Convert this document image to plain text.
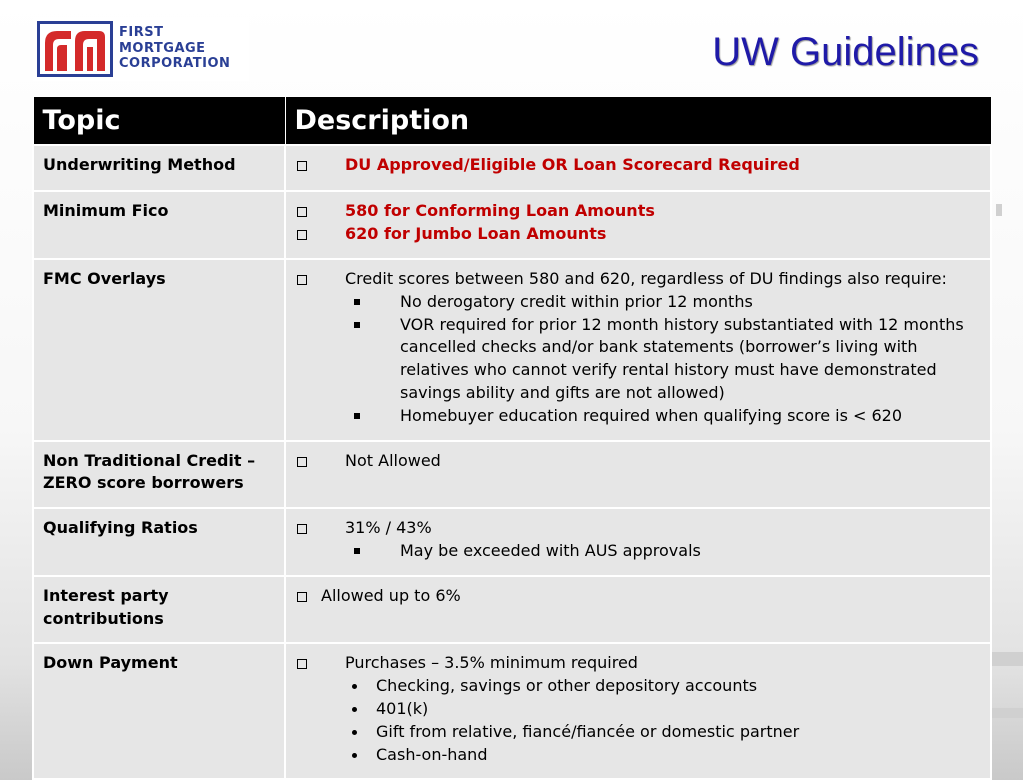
FIRST
MORTGAGE
CORPORATION	UW Guidelines
Topic	Description
Underwriting Method	DU Approved/Eligible OR Loan Scorecard Required

Minimum Fico	580 for Conforming Loan Amounts
620 for Jumbo Loan Amounts

FMC Overlays	Credit scores between 580 and 620, regardless of DU findings also require:
No derogatory credit within prior 12 months
VOR required for prior 12 month history substantiated with 12 months cancelled checks and/or bank statements (borrower’s living with relatives who cannot verify rental history must have demonstrated savings ability and gifts are not allowed)
Homebuyer education required when qualifying score is < 620

Non Traditional Credit – ZERO score borrowers	Not Allowed

Qualifying Ratios	31% / 43%
May be exceeded with AUS approvals

Interest party contributions	Allowed up to 6%

Down Payment	Purchases – 3.5% minimum required
Checking, savings or other depository accounts
401(k)
Gift from relative, fiancé/fiancée or domestic partner
Cash-on-hand
